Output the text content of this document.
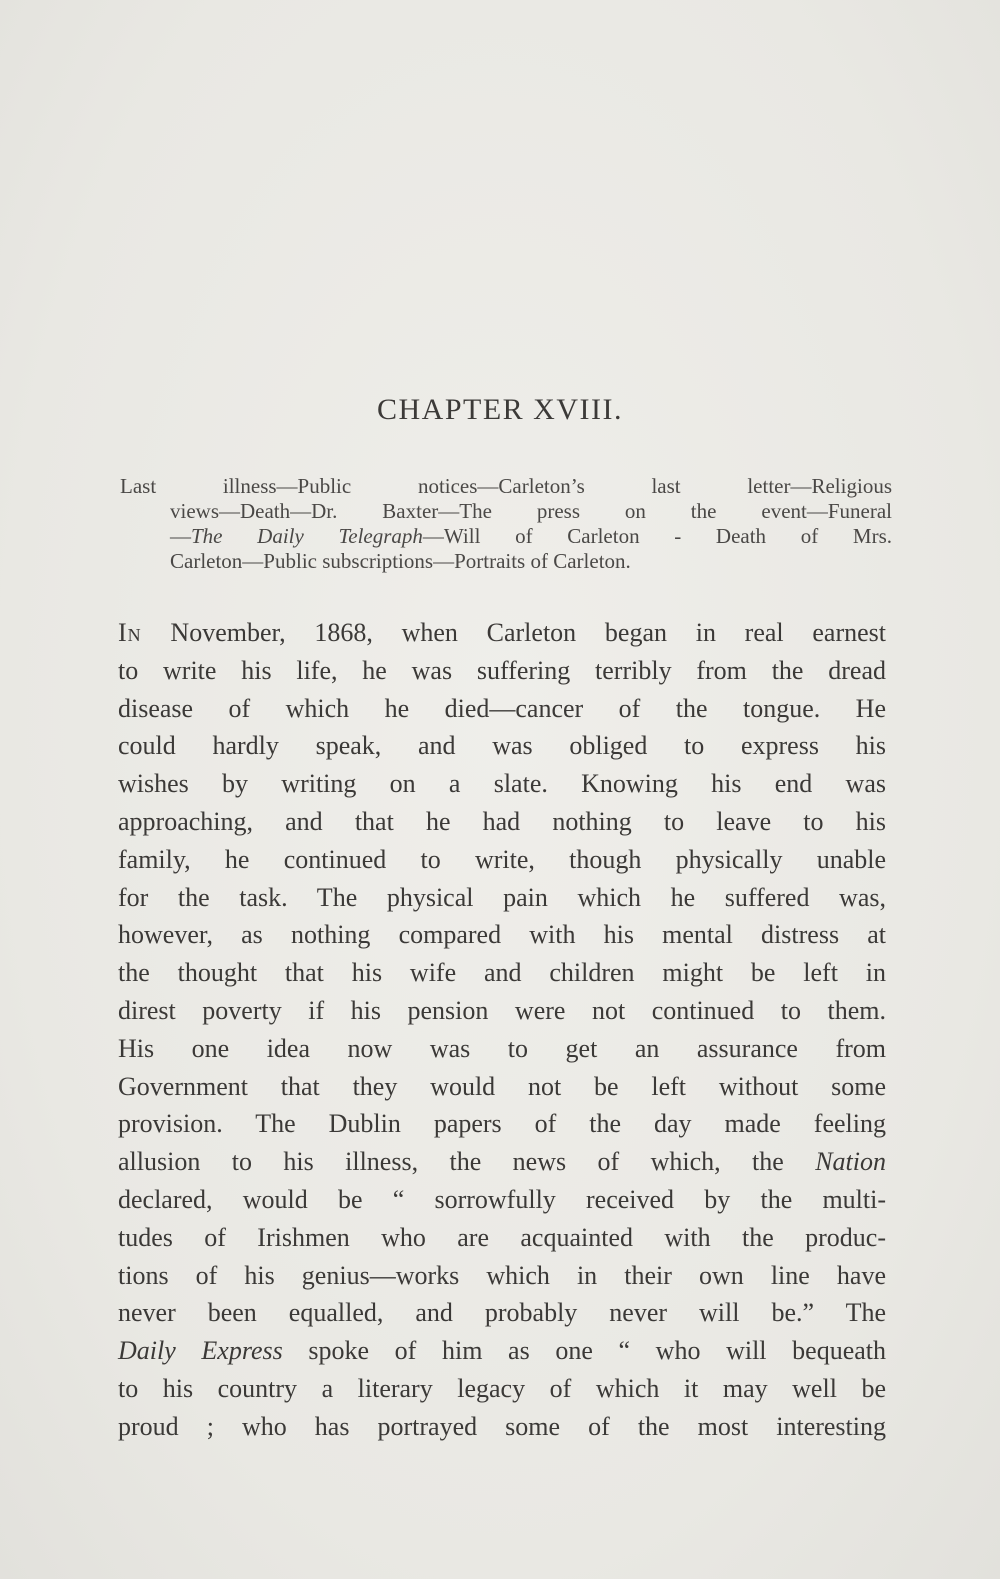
CHAPTER XVIII.
Last illness—Public notices—Carleton’s last letter—Religious
views—Death—Dr. Baxter—The press on the event—Funeral
—The Daily Telegraph—Will of Carleton - Death of Mrs.
Carleton—Public subscriptions—Portraits of Carleton.
In November, 1868, when Carleton began in real earnest
to write his life, he was suffering terribly from the dread
disease of which he died—cancer of the tongue. He
could hardly speak, and was obliged to express his
wishes by writing on a slate. Knowing his end was
approaching, and that he had nothing to leave to his
family, he continued to write, though physically unable
for the task. The physical pain which he suffered was,
however, as nothing compared with his mental distress at
the thought that his wife and children might be left in
direst poverty if his pension were not continued to them.
His one idea now was to get an assurance from
Government that they would not be left without some
provision. The Dublin papers of the day made feeling
allusion to his illness, the news of which, the Nation
declared, would be “ sorrowfully received by the multi-
tudes of Irishmen who are acquainted with the produc-
tions of his genius—works which in their own line have
never been equalled, and probably never will be.” The
Daily Express spoke of him as one “ who will bequeath
to his country a literary legacy of which it may well be
proud ; who has portrayed some of the most interesting
